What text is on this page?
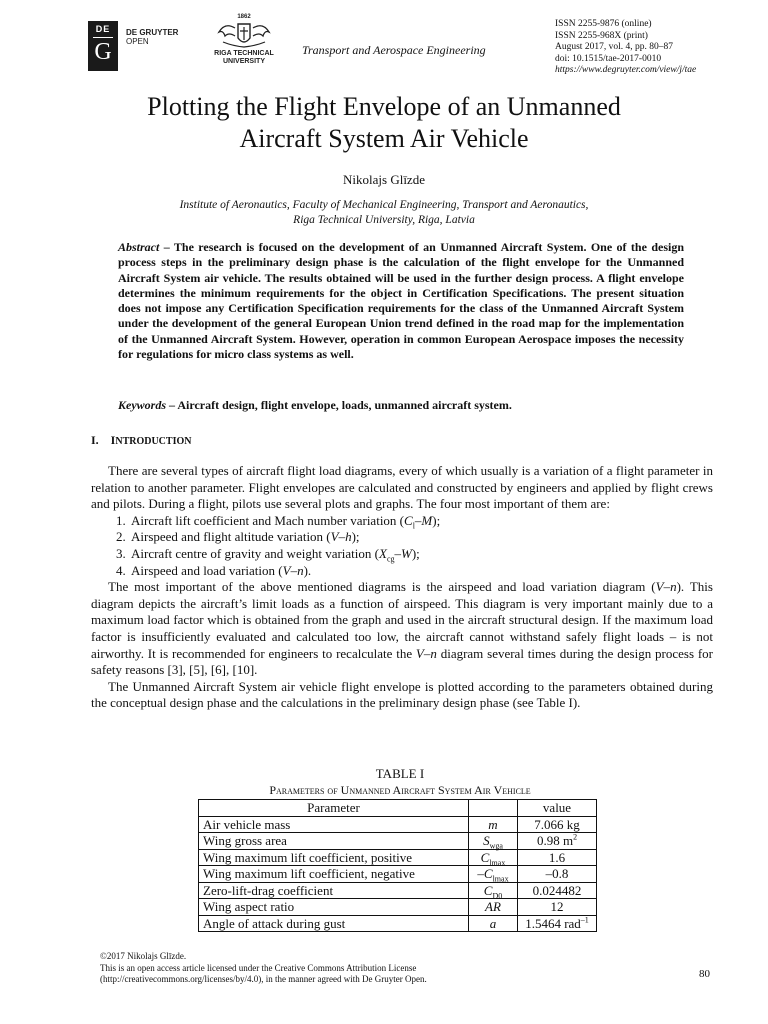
DE
G
DE GRUYTER
OPEN
1862
RIGA TECHNICAL
UNIVERSITY
Transport and Aerospace Engineering
ISSN 2255-9876 (online)
ISSN 2255-968X (print)
August 2017, vol. 4, pp. 80–87
doi: 10.1515/tae-2017-0010
https://www.degruyter.com/view/j/tae
Plotting the Flight Envelope of an Unmanned
Aircraft System Air Vehicle
Nikolajs Glīzde
Institute of Aeronautics, Faculty of Mechanical Engineering, Transport and Aeronautics,
Riga Technical University, Riga, Latvia
Abstract – The research is focused on the development of an Unmanned Aircraft System. One of the design process steps in the preliminary design phase is the calculation of the flight envelope for the Unmanned Aircraft System air vehicle. The results obtained will be used in the further design process. A flight envelope determines the minimum requirements for the object in Certification Specifications. The present situation does not impose any Certification Specification requirements for the class of the Unmanned Aircraft System under the development of the general European Union trend defined in the road map for the implementation of the Unmanned Aircraft System. However, operation in common European Aerospace imposes the necessity for regulations for micro class systems as well.
Keywords – Aircraft design, flight envelope, loads, unmanned aircraft system.
I. INTRODUCTION

There are several types of aircraft flight load diagrams, every of which usually is a variation of a flight parameter in relation to another parameter. Flight envelopes are calculated and constructed by engineers and applied by flight crews and pilots. During a flight, pilots use several plots and graphs. The four most important of them are:

1. Aircraft lift coefficient and Mach number variation $(C_l-M)$;
2. Airspeed and flight altitude variation (V–h);
3. Aircraft centre of gravity and weight variation $(X_{cg}-W)$;
4. Airspeed and load variation (V–n).

The most important of the above mentioned diagrams is the airspeed and load variation diagram (V–n). This diagram depicts the aircraft’s limit loads as a function of airspeed. This diagram is very important mainly due to a maximum load factor which is obtained from the graph and used in the aircraft structural design. If the maximum load factor is insufficiently evaluated and calculated too low, the aircraft cannot withstand safely flight loads – is not airworthy. It is recommended for engineers to recalculate the V–n diagram several times during the design process for safety reasons [3], [5], [6], [10].

The Unmanned Aircraft System air vehicle flight envelope is plotted according to the parameters obtained during the conceptual design phase and the calculations in the preliminary design phase (see Table I).

TABLE I
Parameters of Unmanned Aircraft System Air Vehicle
Parameter		value
Air vehicle mass	m	7.066 kg
Wing gross area	$S_{wga}$	0.98 $m^2$
Wing maximum lift coefficient, positive	$C_{lmax}$	1.6
Wing maximum lift coefficient, negative	$-C_{lmax}$	–0.8
Zero-lift-drag coefficient	$C_{D0}$	0.024482
Wing aspect ratio	AR	12
Angle of attack during gust	a	1.5464 rad$^{-1}$
©2017 Nikolajs Glīzde.
This is an open access article licensed under the Creative Commons Attribution License
(http://creativecommons.org/licenses/by/4.0), in the manner agreed with De Gruyter Open.	80
